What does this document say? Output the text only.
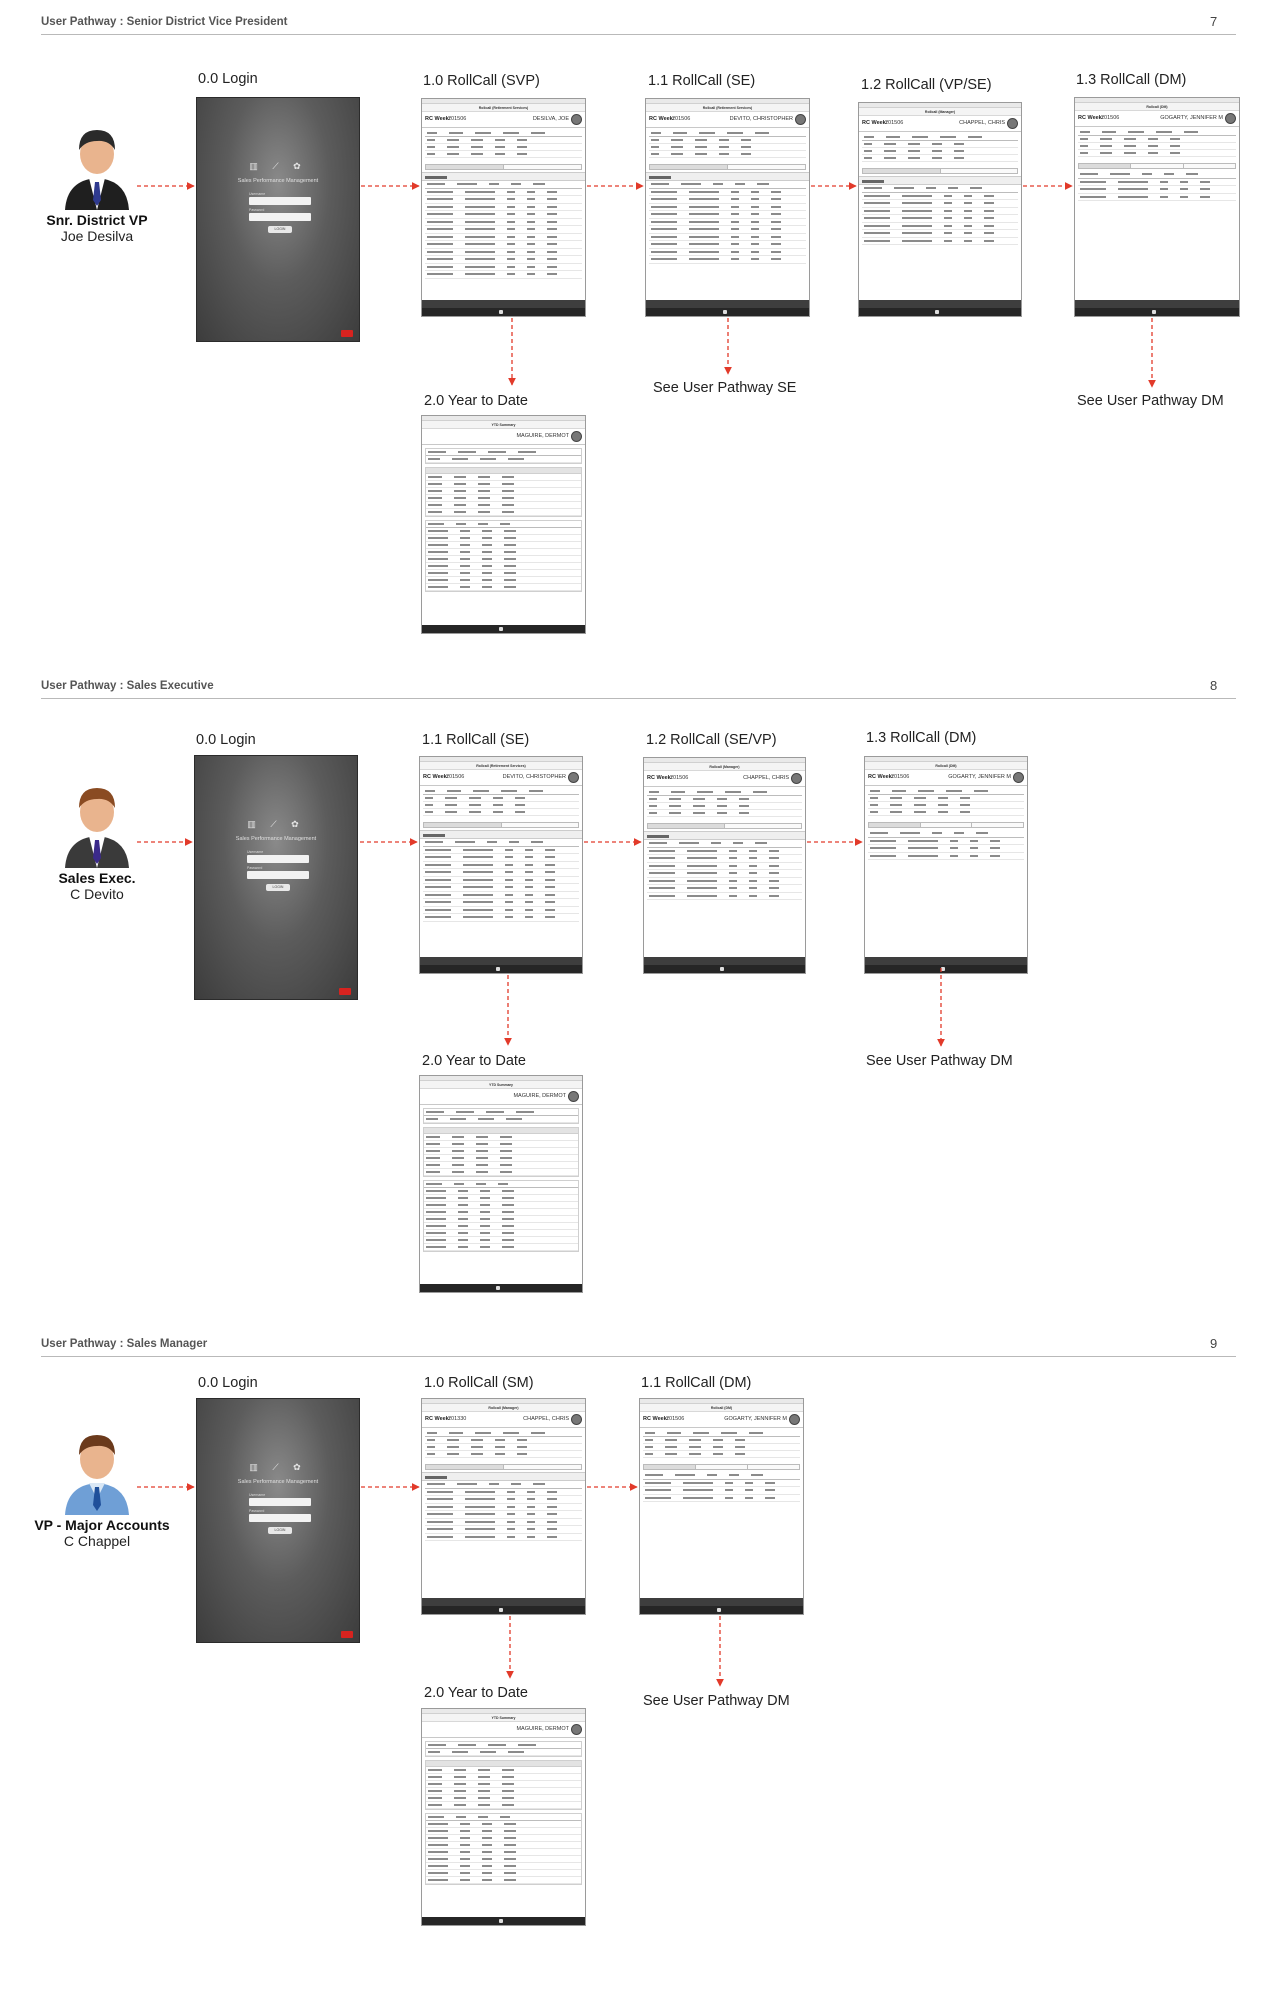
User Pathway : Senior District Vice President	7
Snr. District VP
Joe Desilva
0.0 Login
▥ ⟋ ✿
Sales Performance Management
Username
Password
LOGIN
1.0 RollCall (SVP)
Rollcall (Retirement Services)
RC Week:
201506	DESILVA, JOE
1.1 RollCall (SE)
Rollcall (Retirement Services)
RC Week:
201506	DEVITO, CHRISTOPHER
1.2 RollCall (VP/SE)
Rollcall (Manager)
RC Week:
201506	CHAPPEL, CHRIS
1.3 RollCall (DM)
Rollcall (DM)
RC Week:
201506	GOGARTY, JENNIFER M
See User Pathway SE
See User Pathway DM
2.0 Year to Date
YTD Summary
MAGUIRE, DERMOT
User Pathway : Sales Executive	8
Sales Exec.
C Devito
0.0 Login
▥ ⟋ ✿
Sales Performance Management
Username
Password
LOGIN
1.1 RollCall (SE)
Rollcall (Retirement Services)
RC Week:
201506	DEVITO, CHRISTOPHER
1.2 RollCall (SE/VP)
Rollcall (Manager)
RC Week:
201506	CHAPPEL, CHRIS
1.3 RollCall (DM)
Rollcall (DM)
RC Week:
201506	GOGARTY, JENNIFER M
See User Pathway DM
2.0 Year to Date
YTD Summary
MAGUIRE, DERMOT
User Pathway : Sales Manager	9
VP - Major Accounts
C Chappel
0.0 Login
▥ ⟋ ✿
Sales Performance Management
Username
Password
LOGIN
1.0 RollCall (SM)
Rollcall (Manager)
RC Week:
201330	CHAPPEL, CHRIS
1.1 RollCall (DM)
Rollcall (DM)
RC Week:
201506	GOGARTY, JENNIFER M
See User Pathway DM
2.0 Year to Date
YTD Summary
MAGUIRE, DERMOT
